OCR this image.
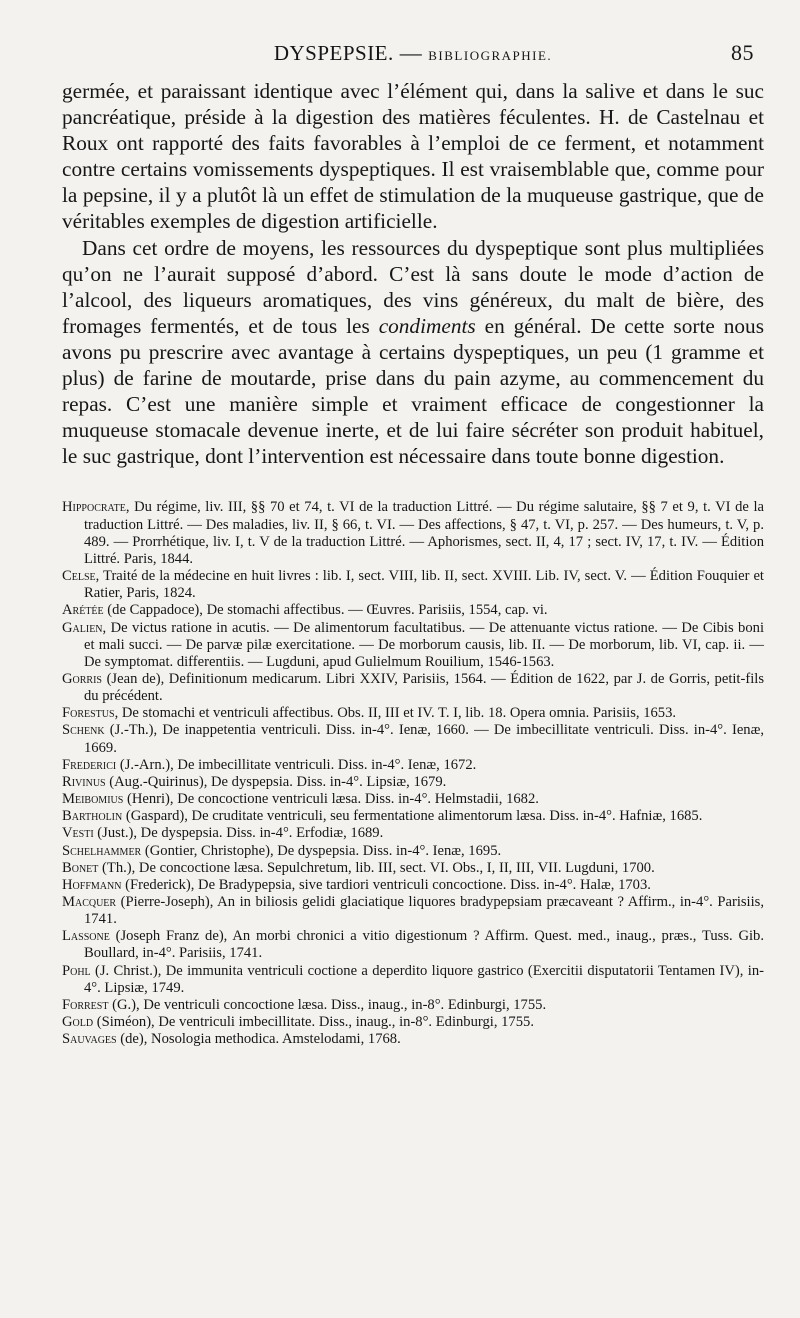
DYSPEPSIE. — BIBLIOGRAPHIE.	85

germée, et paraissant identique avec l’élément qui, dans la salive et dans le suc pancréatique, préside à la digestion des matières féculentes. H. de Castelnau et Roux ont rapporté des faits favorables à l’emploi de ce ferment, et notamment contre certains vomissements dyspeptiques. Il est vraisemblable que, comme pour la pepsine, il y a plutôt là un effet de stimulation de la muqueuse gastrique, que de véritables exemples de digestion artificielle.

Dans cet ordre de moyens, les ressources du dyspeptique sont plus multipliées qu’on ne l’aurait supposé d’abord. C’est là sans doute le mode d’action de l’alcool, des liqueurs aromatiques, des vins généreux, du malt de bière, des fromages fermentés, et de tous les condiments en général. De cette sorte nous avons pu prescrire avec avantage à certains dyspeptiques, un peu (1 gramme et plus) de farine de moutarde, prise dans du pain azyme, au commencement du repas. C’est une manière simple et vraiment efficace de congestionner la muqueuse stomacale devenue inerte, et de lui faire sécréter son produit habituel, le suc gastrique, dont l’intervention est nécessaire dans toute bonne digestion.

Hippocrate, Du régime, liv. III, §§ 70 et 74, t. VI de la traduction Littré. — Du régime salutaire, §§ 7 et 9, t. VI de la traduction Littré. — Des maladies, liv. II, § 66, t. VI. — Des affections, § 47, t. VI, p. 257. — Des humeurs, t. V, p. 489. — Prorrhétique, liv. I, t. V de la traduction Littré. — Aphorismes, sect. II, 4, 17 ; sect. IV, 17, t. IV. — Édition Littré. Paris, 1844.

Celse, Traité de la médecine en huit livres : lib. I, sect. VIII, lib. II, sect. XVIII. Lib. IV, sect. V. — Édition Fouquier et Ratier, Paris, 1824.

Arétée (de Cappadoce), De stomachi affectibus. — Œuvres. Parisiis, 1554, cap. vi.

Galien, De victus ratione in acutis. — De alimentorum facultatibus. — De attenuante victus ratione. — De Cibis boni et mali succi. — De parvæ pilæ exercitatione. — De morborum causis, lib. II. — De morborum, lib. VI, cap. ii. — De symptomat. differentiis. — Lugduni, apud Gulielmum Rouilium, 1546-1563.

Gorris (Jean de), Definitionum medicarum. Libri XXIV, Parisiis, 1564. — Édition de 1622, par J. de Gorris, petit-fils du précédent.

Forestus, De stomachi et ventriculi affectibus. Obs. II, III et IV. T. I, lib. 18. Opera omnia. Parisiis, 1653.

Schenk (J.-Th.), De inappetentia ventriculi. Diss. in-4°. Ienæ, 1660. — De imbecillitate ventriculi. Diss. in-4°. Ienæ, 1669.

Frederici (J.-Arn.), De imbecillitate ventriculi. Diss. in-4°. Ienæ, 1672.

Rivinus (Aug.-Quirinus), De dyspepsia. Diss. in-4°. Lipsiæ, 1679.

Meibomius (Henri), De concoctione ventriculi læsa. Diss. in-4°. Helmstadii, 1682.

Bartholin (Gaspard), De cruditate ventriculi, seu fermentatione alimentorum læsa. Diss. in-4°. Hafniæ, 1685.

Vesti (Just.), De dyspepsia. Diss. in-4°. Erfodiæ, 1689.

Schelhammer (Gontier, Christophe), De dyspepsia. Diss. in-4°. Ienæ, 1695.

Bonet (Th.), De concoctione læsa. Sepulchretum, lib. III, sect. VI. Obs., I, II, III, VII. Lugduni, 1700.

Hoffmann (Frederick), De Bradypepsia, sive tardiori ventriculi concoctione. Diss. in-4°. Halæ, 1703.

Macquer (Pierre-Joseph), An in biliosis gelidi glaciatique liquores bradypepsiam præcaveant ? Affirm., in-4°. Parisiis, 1741.

Lassone (Joseph Franz de), An morbi chronici a vitio digestionum ? Affirm. Quest. med., inaug., præs., Tuss. Gib. Boullard, in-4°. Parisiis, 1741.

Pohl (J. Christ.), De immunita ventriculi coctione a deperdito liquore gastrico (Exercitii disputatorii Tentamen IV), in-4°. Lipsiæ, 1749.

Forrest (G.), De ventriculi concoctione læsa. Diss., inaug., in-8°. Edinburgi, 1755.

Gold (Siméon), De ventriculi imbecillitate. Diss., inaug., in-8°. Edinburgi, 1755.

Sauvages (de), Nosologia methodica. Amstelodami, 1768.
